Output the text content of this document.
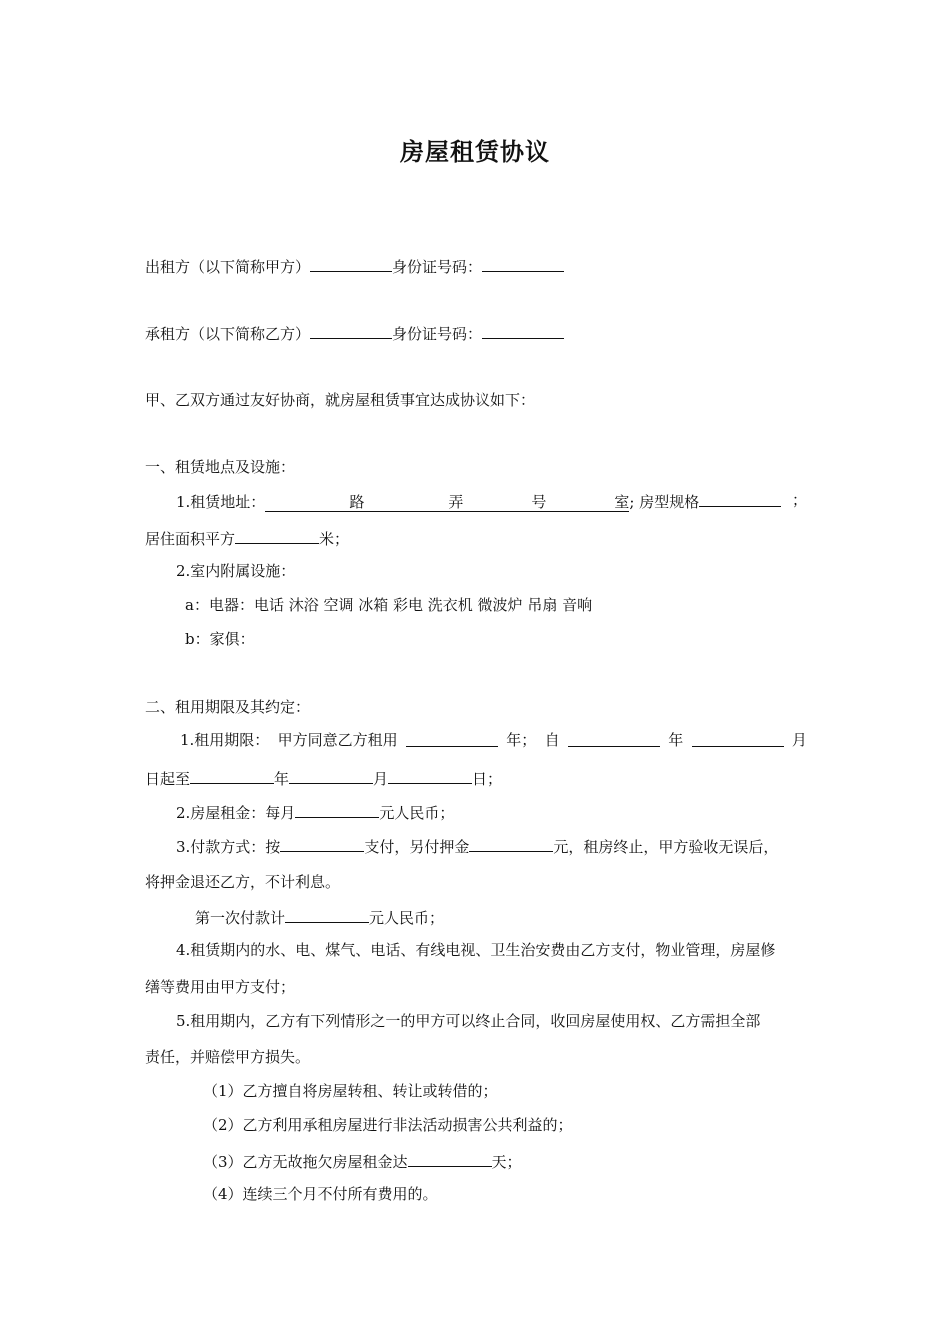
房屋租赁协议
出租方（以下简称甲方）	身份证号码：
承租方（以下简称乙方）	身份证号码：
甲、乙双方通过友好协商，就房屋租赁事宜达成协议如下：
一、租赁地点及设施：
1.租赁地址：	路	弄	号	室; 房型规格	；
居住面积平方	米；
2.室内附属设施：
a：电器：电话 沐浴 空调 冰箱 彩电 洗衣机 微波炉 吊扇 音响
b：家俱：
二、租用期限及其约定：
1.租用期限： 甲方同意乙方租用	年； 自	年	月
日起至	年	月	日；
2.房屋租金：每月	元人民币；
3.付款方式：按	支付，另付押金	元，租房终止，甲方验收无误后，
将押金退还乙方，不计利息。
第一次付款计	元人民币；
4.租赁期内的水、电、煤气、电话、有线电视、卫生治安费由乙方支付，物业管理，房屋修
缮等费用由甲方支付；
5.租用期内，乙方有下列情形之一的甲方可以终止合同，收回房屋使用权、乙方需担全部
责任，并赔偿甲方损失。
（1）乙方擅自将房屋转租、转让或转借的；
（2）乙方利用承租房屋进行非法活动损害公共利益的；
（3）乙方无故拖欠房屋租金达	天；
（4）连续三个月不付所有费用的。
